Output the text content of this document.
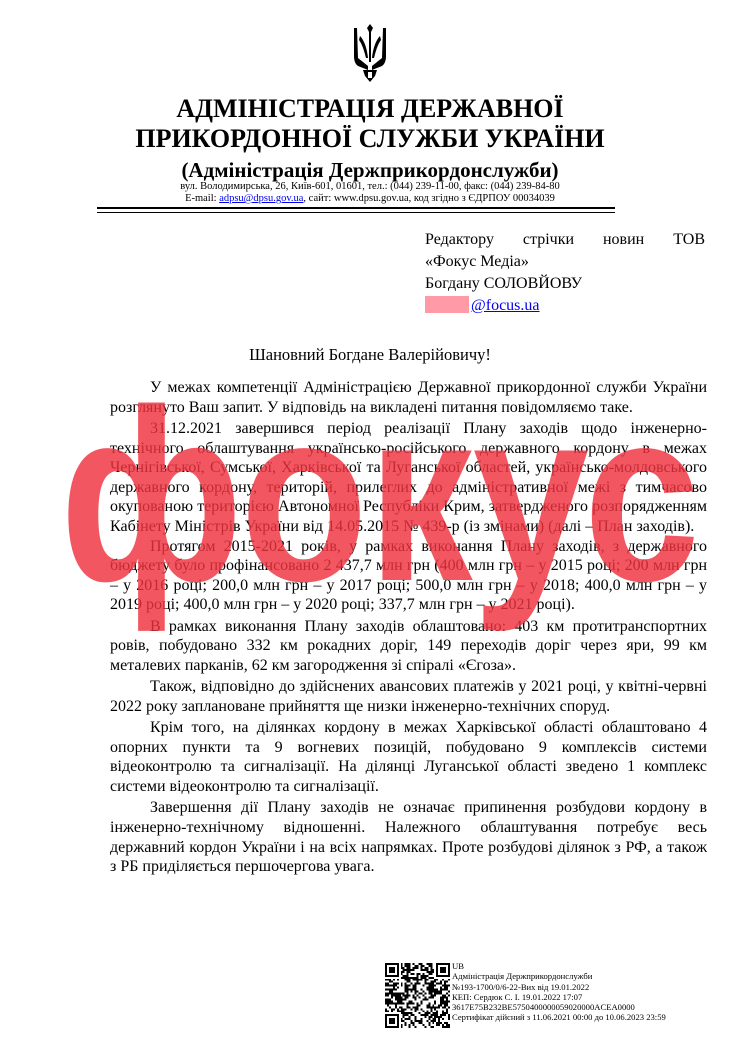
АДМІНІСТРАЦІЯ ДЕРЖАВНОЇ
ПРИКОРДОННОЇ СЛУЖБИ УКРАЇНИ
(Адміністрація Держприкордонслужби)
вул. Володимирська, 26, Київ-601, 01601, тел.: (044) 239-11-00, факс: (044) 239-84-80
E-mail: adpsu@dpsu.gov.ua, сайт: www.dpsu.gov.ua, код згідно з ЄДРПОУ 00034039
Редактору стрічки новин ТОВ
«Фокус Медіа»
Богдану СОЛОВЙОВУ
@focus.ua
Шановний Богдане Валерійовичу!

У межах компетенції Адміністрацією Державної прикордонної служби України розглянуто Ваш запит. У відповідь на викладені питання повідомляємо таке.

31.12.2021 завершився період реалізації Плану заходів щодо інженерно-технічного облаштування українсько-російського державного кордону в межах Чернігівської, Сумської, Харківської та Луганської областей, українсько-молдовського державного кордону, територій, прилеглих до адміністративної межі з тимчасово окупованою територією Автономної Республіки Крим, затвердженого розпорядженням Кабінету Міністрів України від 14.05.2015 № 439-р (із змінами) (далі – План заходів).

Протягом 2015-2021 років, у рамках виконання Плану заходів, з державного бюджету було профінансовано 2 437,7 млн грн (400 млн грн – у 2015 році; 200 млн грн – у 2016 році; 200,0 млн грн – у 2017 році; 500,0 млн грн – у 2018; 400,0 млн грн – у 2019 році; 400,0 млн грн – у 2020 році; 337,7 млн грн – у 2021 році).

В рамках виконання Плану заходів облаштовано: 403 км протитранспортних ровів, побудовано 332 км рокадних доріг, 149 переходів доріг через яри, 99 км металевих парканів, 62 км загородження зі спіралі «Єгоза».

Також, відповідно до здійснених авансових платежів у 2021 році, у квітні-червні 2022 року заплановане прийняття ще низки інженерно-технічних споруд.

Крім того, на ділянках кордону в межах Харківської області облаштовано 4 опорних пункти та 9 вогневих позицій, побудовано 9 комплексів системи відеоконтролю та сигналізації. На ділянці Луганської області зведено 1 комплекс системи відеоконтролю та сигналізації.

Завершення дії Плану заходів не означає припинення розбудови кордону в інженерно-технічному відношенні. Належного облаштування потребує весь державний кордон України і на всіх напрямках. Проте розбудові ділянок з РФ, а також з РБ приділяється першочергова увага.

фокус
UB
Адміністрація Держприкордонслужби
№193-1700/0/6-22-Вих від 19.01.2022
КЕП: Сердюк С. І. 19.01.2022 17:07
3617E75B232BE5750400000059020000ACEA0000
Сертифікат дійсний з 11.06.2021 00:00 до 10.06.2023 23:59
